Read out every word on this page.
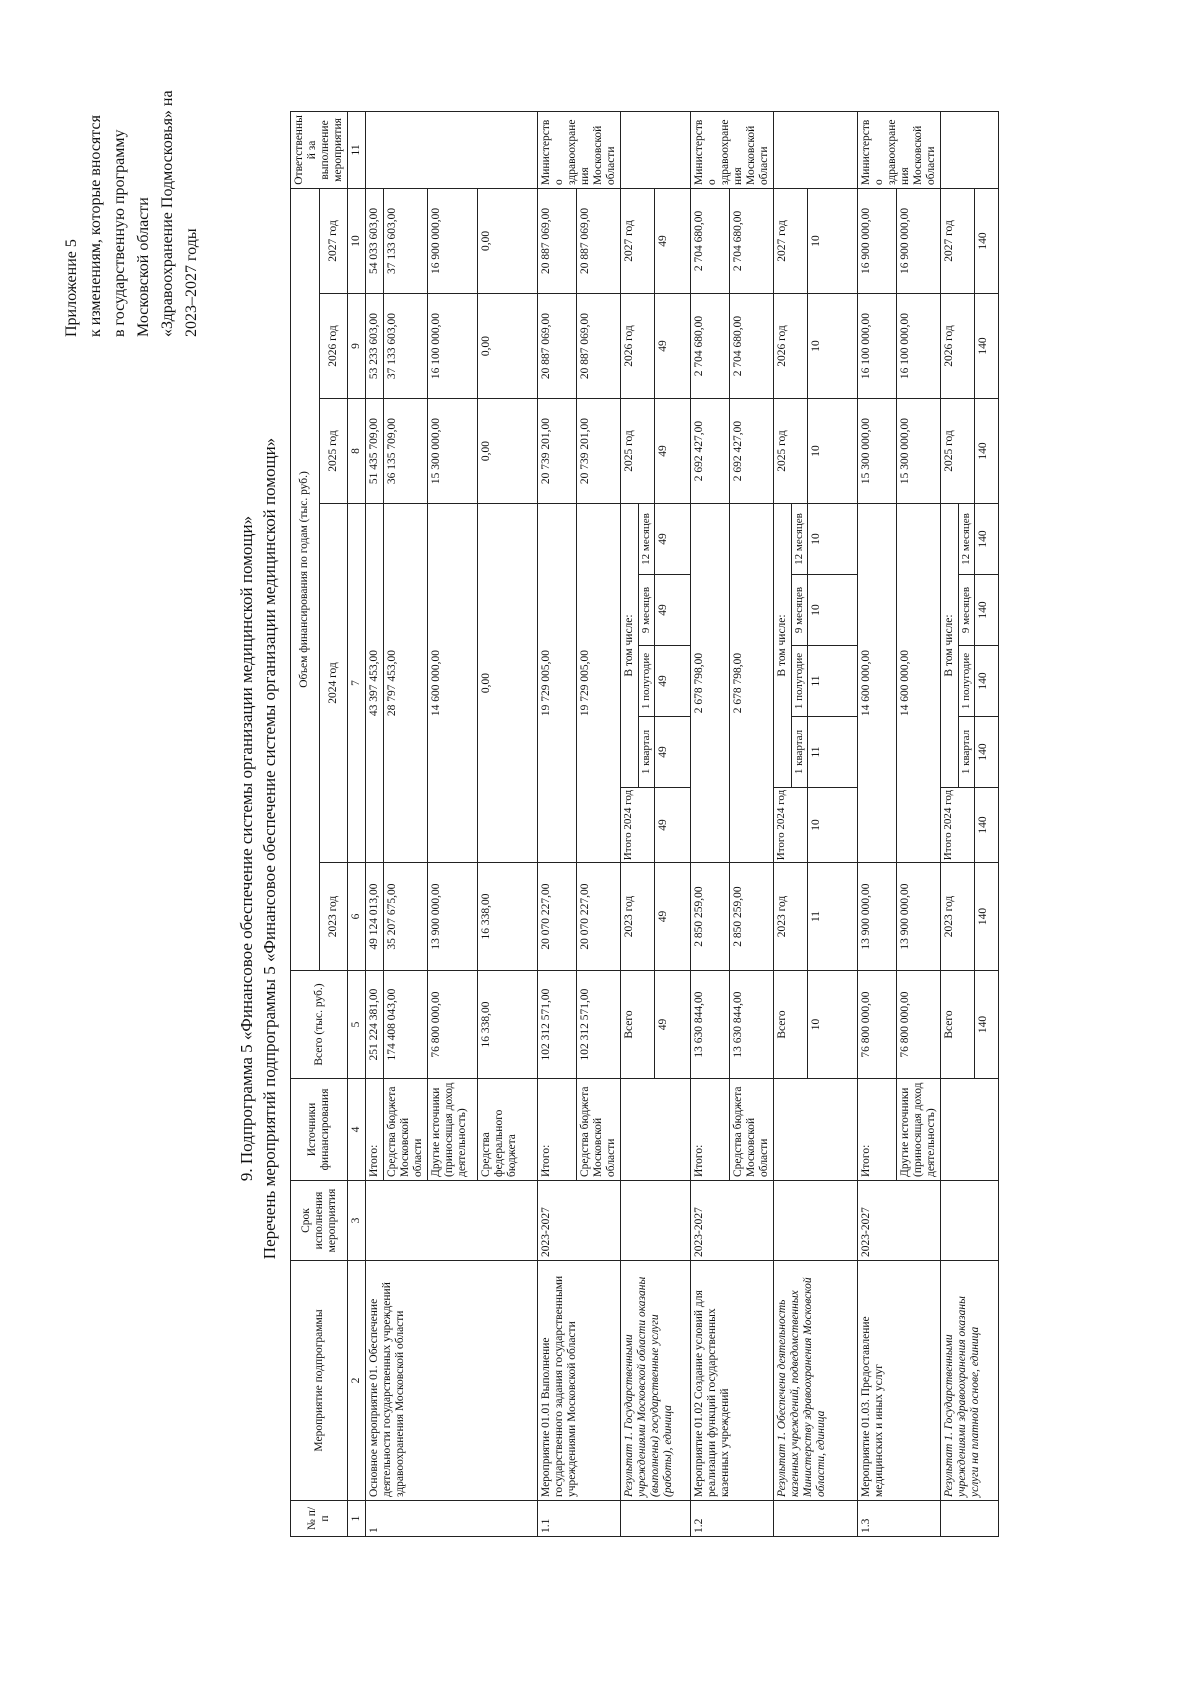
Приложение 5 к изменениям, которые вносятся в государственную программу Московской области «Здравоохранение Подмосковья» на 2023–2027 годы
9. Подпрограмма 5 «Финансовое обеспечение системы организации медицинской помощи» Перечень мероприятий подпрограммы 5 «Финансовое обеспечение системы организации медицинской помощи»
№ п/п	Мероприятие подпрограммы	Срок исполнения мероприятия	Источники финансирования	Всего (тыс. руб.)	Объем финансирования по годам (тыс. руб.)									Ответственный за выполнение мероприятия
					2023 год	2024 год					2025 год	2026 год	2027 год	
1	2	3	4	5	6	7					8	9	10	11
1	Основное мероприятие 01. Обеспечение деятельности государственных учреждений здравоохранения Московской области		Итого:	251 224 381,00	49 124 013,00	43 397 453,00					51 435 709,00	53 233 603,00	54 033 603,00	
			Средства бюджета Московской области	174 408 043,00	35 207 675,00	28 797 453,00					36 135 709,00	37 133 603,00	37 133 603,00	
			Другие источники (приносящая доход деятельность)	76 800 000,00	13 900 000,00	14 600 000,00					15 300 000,00	16 100 000,00	16 900 000,00	
			Средства федерального бюджета	16 338,00	16 338,00	0,00					0,00	0,00	0,00	
1.1	Мероприятие 01.01 Выполнение государственного задания государственными учреждениями Московской области	2023-2027	Итого:	102 312 571,00	20 070 227,00	19 729 005,00					20 739 201,00	20 887 069,00	20 887 069,00	Министерство здравоохранения Московской области
			Средства бюджета Московской области	102 312 571,00	20 070 227,00	19 729 005,00					20 739 201,00	20 887 069,00	20 887 069,00	
	Результат 1. Государственными учреждениями Московской области оказаны (выполнены) государственные услуги (работы), единица			Всего	2023 год	Итого 2024 год	В том числе:				2025 год	2026 год	2027 год	
							1 квартал	1 полугодие	9 месяцев	12 месяцев				
				49	49	49	49	49	49	49	49	49	49	
1.2	Мероприятие 01.02 Создание условий для реализации функций государственных казенных учреждений	2023-2027	Итого:	13 630 844,00	2 850 259,00	2 678 798,00					2 692 427,00	2 704 680,00	2 704 680,00	Министерство здравоохранения Московской области
			Средства бюджета Московской области	13 630 844,00	2 850 259,00	2 678 798,00					2 692 427,00	2 704 680,00	2 704 680,00	
	Результат 1. Обеспечена деятельность казенных учреждений, подведомственных Министерству здравоохранения Московской области, единица			Всего	2023 год	Итого 2024 год	В том числе:				2025 год	2026 год	2027 год	
							1 квартал	1 полугодие	9 месяцев	12 месяцев				
				10	11	10	11	11	10	10	10	10	10	
1.3	Мероприятие 01.03. Предоставление медицинских и иных услуг	2023-2027	Итого:	76 800 000,00	13 900 000,00	14 600 000,00					15 300 000,00	16 100 000,00	16 900 000,00	Министерство здравоохранения Московской области
			Другие источники (приносящая доход деятельность)	76 800 000,00	13 900 000,00	14 600 000,00					15 300 000,00	16 100 000,00	16 900 000,00	
	Результат 1. Государственными учреждениями здравоохранения оказаны услуги на платной основе, единица			Всего	2023 год	Итого 2024 год	В том числе:				2025 год	2026 год	2027 год	
							1 квартал	1 полугодие	9 месяцев	12 месяцев				
				140	140	140	140	140	140	140	140	140	140	
